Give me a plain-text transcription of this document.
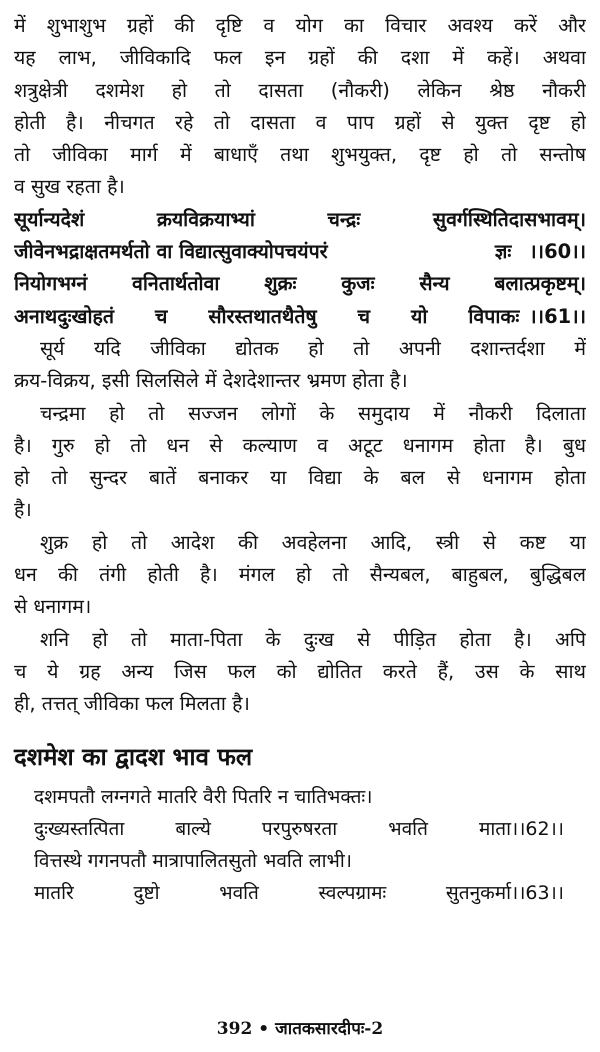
में शुभाशुभ ग्रहों की दृष्टि व योग का विचार अवश्य करें और
यह लाभ, जीविकादि फल इन ग्रहों की दशा में कहें। अथवा
शत्रुक्षेत्री दशमेश हो तो दासता (नौकरी) लेकिन श्रेष्ठ नौकरी
होती है। नीचगत रहे तो दासता व पाप ग्रहों से युक्त दृष्ट हो
तो जीविका मार्ग में बाधाएँ तथा शुभयुक्त, दृष्ट हो तो सन्तोष
व सुख रहता है।
सूर्यान्यदेशं क्रयविक्रयाभ्यां चन्द्रः सुवर्गस्थितिदासभावम्।
जीवेनभद्राक्षतमर्थतो वा विद्यात्सुवाक्योपचयंपरं	ज्ञः ।।60।।
नियोगभग्नं वनितार्थतोवा शुक्रः कुजः सैन्य बलात्प्रकृष्टम्।
अनाथदुःखोहतं च सौरस्तथातथैतेषु च यो विपाकः ।।61।।
सूर्य यदि जीविका द्योतक हो तो अपनी दशान्तर्दशा में
क्रय-विक्रय, इसी सिलसिले में देशदेशान्तर भ्रमण होता है।
चन्द्रमा हो तो सज्जन लोगों के समुदाय में नौकरी दिलाता
है। गुरु हो तो धन से कल्याण व अटूट धनागम होता है। बुध
हो तो सुन्दर बातें बनाकर या विद्या के बल से धनागम होता
है।
शुक्र हो तो आदेश की अवहेलना आदि, स्त्री से कष्ट या
धन की तंगी होती है। मंगल हो तो सैन्यबल, बाहुबल, बुद्धिबल
से धनागम।
शनि हो तो माता-पिता के दुःख से पीड़ित होता है। अपि
च ये ग्रह अन्य जिस फल को द्योतित करते हैं, उस के साथ
ही, तत्तत् जीविका फल मिलता है।
दशमेश का द्वादश भाव फल
दशमपतौ लग्नगते मातरि वैरी पितरि न चातिभक्तः।
दुःख्यस्तत्पिता बाल्ये परपुरुषरता भवति माता।।62।।
वित्तस्थे गगनपतौ मात्रापालितसुतो भवति लाभी।
मातरि दुष्टो भवति स्वल्पग्रामः सुतनुकर्मा।।63।।
392 • जातकसारदीपः-2
